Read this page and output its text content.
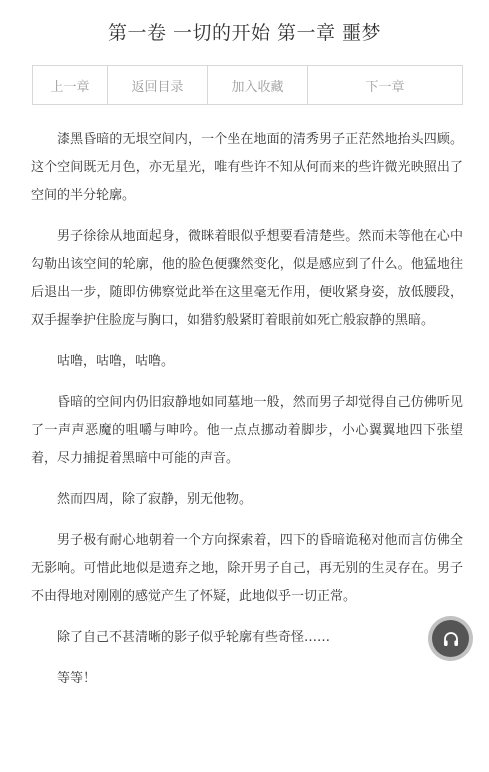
第一卷 一切的开始 第一章 噩梦
上一章	返回目录	加入收藏	下一章

漆黑昏暗的无垠空间内，一个坐在地面的清秀男子正茫然地抬头四顾。这个空间既无月色，亦无星光，唯有些许不知从何而来的些许微光映照出了空间的半分轮廓。

男子徐徐从地面起身，微眯着眼似乎想要看清楚些。然而未等他在心中勾勒出该空间的轮廓，他的脸色便骤然变化，似是感应到了什么。他猛地往后退出一步，随即仿佛察觉此举在这里毫无作用，便收紧身姿，放低腰段，双手握拳护住脸庞与胸口，如猎豹般紧盯着眼前如死亡般寂静的黑暗。

咕噜，咕噜，咕噜。

昏暗的空间内仍旧寂静地如同墓地一般，然而男子却觉得自己仿佛听见了一声声恶魔的咀嚼与呻吟。他一点点挪动着脚步，小心翼翼地四下张望着，尽力捕捉着黑暗中可能的声音。

然而四周，除了寂静，别无他物。

男子极有耐心地朝着一个方向探索着，四下的昏暗诡秘对他而言仿佛全无影响。可惜此地似是遗弃之地，除开男子自己，再无别的生灵存在。男子不由得地对刚刚的感觉产生了怀疑，此地似乎一切正常。

除了自己不甚清晰的影子似乎轮廓有些奇怪……

等等！
